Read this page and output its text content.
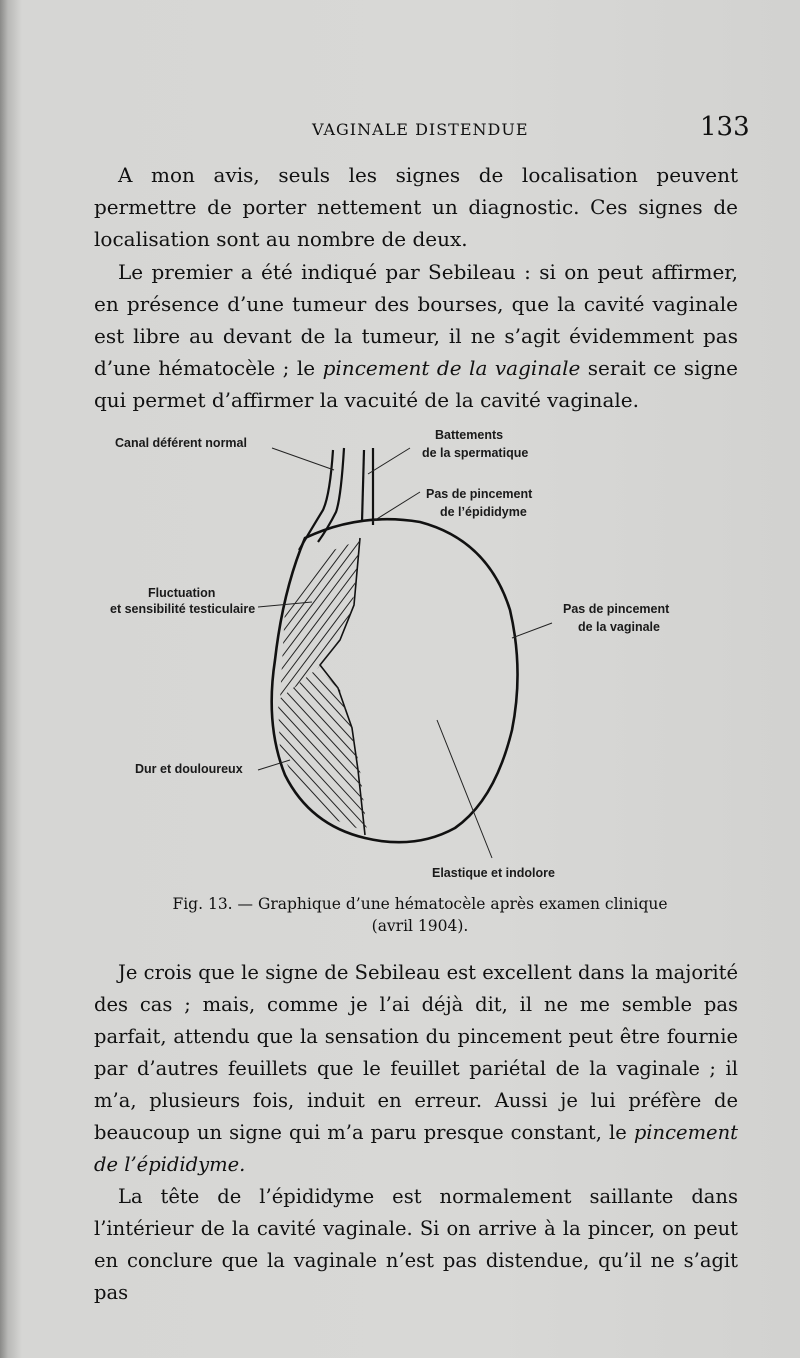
VAGINALE DISTENDUE	133

A mon avis, seuls les signes de localisation peuvent permettre de porter nettement un diagnostic. Ces signes de localisation sont au nombre de deux.

Le premier a été indiqué par Sebileau : si on peut affirmer, en présence d’une tumeur des bourses, que la cavité vaginale est libre au devant de la tumeur, il ne s’agit évidemment pas d’une hématocèle ; le pincement de la vaginale serait ce signe qui permet d’affirmer la vacuité de la cavité vaginale.

Canal déférent normal
Battements
de la spermatique
Pas de pincement
de l’épididyme
Fluctuation
et sensibilité testiculaire	Pas de pincement
de la vaginale
Dur et douloureux
Elastique et indolore
Fig. 13. — Graphique d’une hématocèle après examen clinique
(avril 1904).

Je crois que le signe de Sebileau est excellent dans la majorité des cas ; mais, comme je l’ai déjà dit, il ne me semble pas parfait, attendu que la sensation du pincement peut être fournie par d’autres feuillets que le feuillet pariétal de la vaginale ; il m’a, plusieurs fois, induit en erreur. Aussi je lui préfère de beaucoup un signe qui m’a paru presque constant, le pincement de l’épididyme.

La tête de l’épididyme est normalement saillante dans l’intérieur de la cavité vaginale. Si on arrive à la pincer, on peut en conclure que la vaginale n’est pas distendue, qu’il ne s’agit pas
